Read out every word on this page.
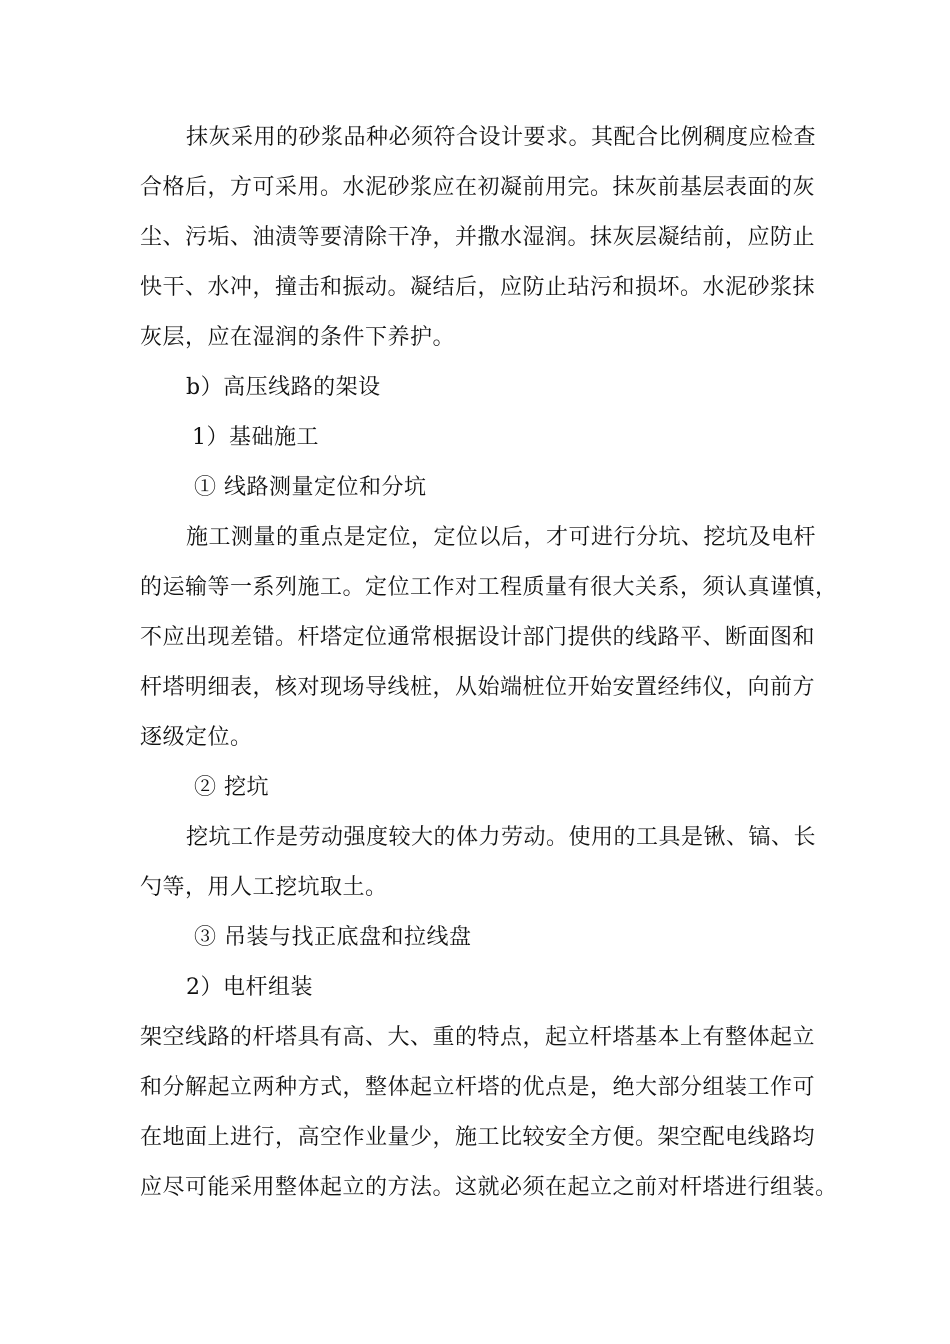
抹灰采用的砂浆品种必须符合设计要求。其配合比例稠度应检查
合格后，方可采用。水泥砂浆应在初凝前用完。抹灰前基层表面的灰
尘、污垢、油渍等要清除干净，并撒水湿润。抹灰层凝结前，应防止
快干、水冲，撞击和振动。凝结后，应防止玷污和损坏。水泥砂浆抹
灰层，应在湿润的条件下养护。
b）高压线路的架设
1）基础施工
① 线路测量定位和分坑
施工测量的重点是定位，定位以后，才可进行分坑、挖坑及电杆
的运输等一系列施工。定位工作对工程质量有很大关系，须认真谨慎，
不应出现差错。杆塔定位通常根据设计部门提供的线路平、断面图和
杆塔明细表，核对现场导线桩，从始端桩位开始安置经纬仪，向前方
逐级定位。
② 挖坑
挖坑工作是劳动强度较大的体力劳动。使用的工具是锹、镐、长
勺等，用人工挖坑取土。
③ 吊装与找正底盘和拉线盘
2）电杆组装
架空线路的杆塔具有高、大、重的特点，起立杆塔基本上有整体起立
和分解起立两种方式，整体起立杆塔的优点是，绝大部分组装工作可
在地面上进行，高空作业量少，施工比较安全方便。架空配电线路均
应尽可能采用整体起立的方法。这就必须在起立之前对杆塔进行组装。
